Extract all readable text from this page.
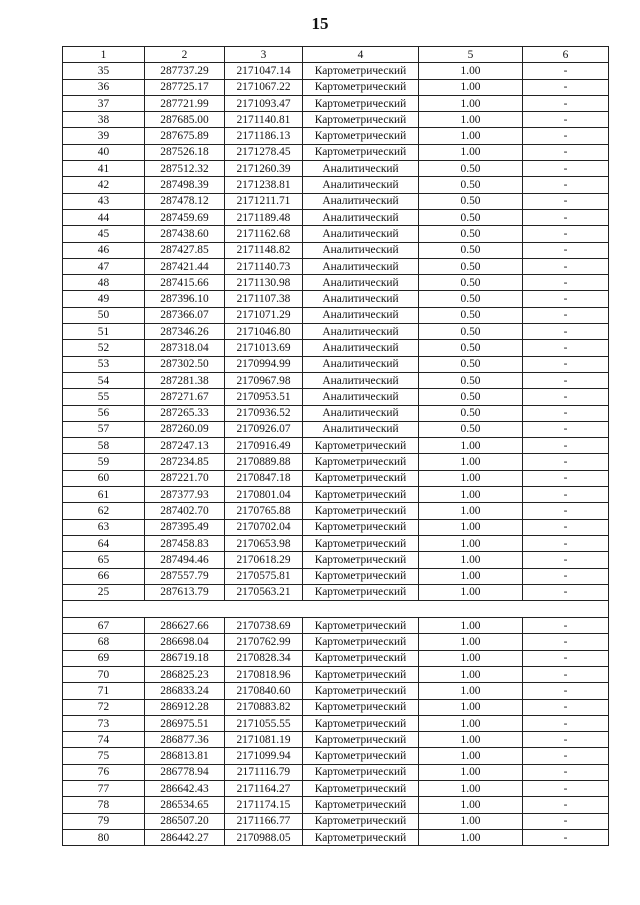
15
1	2	3	4	5	6
35	287737.29	2171047.14	Картометрический	1.00	-
36	287725.17	2171067.22	Картометрический	1.00	-
37	287721.99	2171093.47	Картометрический	1.00	-
38	287685.00	2171140.81	Картометрический	1.00	-
39	287675.89	2171186.13	Картометрический	1.00	-
40	287526.18	2171278.45	Картометрический	1.00	-
41	287512.32	2171260.39	Аналитический	0.50	-
42	287498.39	2171238.81	Аналитический	0.50	-
43	287478.12	2171211.71	Аналитический	0.50	-
44	287459.69	2171189.48	Аналитический	0.50	-
45	287438.60	2171162.68	Аналитический	0.50	-
46	287427.85	2171148.82	Аналитический	0.50	-
47	287421.44	2171140.73	Аналитический	0.50	-
48	287415.66	2171130.98	Аналитический	0.50	-
49	287396.10	2171107.38	Аналитический	0.50	-
50	287366.07	2171071.29	Аналитический	0.50	-
51	287346.26	2171046.80	Аналитический	0.50	-
52	287318.04	2171013.69	Аналитический	0.50	-
53	287302.50	2170994.99	Аналитический	0.50	-
54	287281.38	2170967.98	Аналитический	0.50	-
55	287271.67	2170953.51	Аналитический	0.50	-
56	287265.33	2170936.52	Аналитический	0.50	-
57	287260.09	2170926.07	Аналитический	0.50	-
58	287247.13	2170916.49	Картометрический	1.00	-
59	287234.85	2170889.88	Картометрический	1.00	-
60	287221.70	2170847.18	Картометрический	1.00	-
61	287377.93	2170801.04	Картометрический	1.00	-
62	287402.70	2170765.88	Картометрический	1.00	-
63	287395.49	2170702.04	Картометрический	1.00	-
64	287458.83	2170653.98	Картометрический	1.00	-
65	287494.46	2170618.29	Картометрический	1.00	-
66	287557.79	2170575.81	Картометрический	1.00	-
25	287613.79	2170563.21	Картометрический	1.00	-

67	286627.66	2170738.69	Картометрический	1.00	-
68	286698.04	2170762.99	Картометрический	1.00	-
69	286719.18	2170828.34	Картометрический	1.00	-
70	286825.23	2170818.96	Картометрический	1.00	-
71	286833.24	2170840.60	Картометрический	1.00	-
72	286912.28	2170883.82	Картометрический	1.00	-
73	286975.51	2171055.55	Картометрический	1.00	-
74	286877.36	2171081.19	Картометрический	1.00	-
75	286813.81	2171099.94	Картометрический	1.00	-
76	286778.94	2171116.79	Картометрический	1.00	-
77	286642.43	2171164.27	Картометрический	1.00	-
78	286534.65	2171174.15	Картометрический	1.00	-
79	286507.20	2171166.77	Картометрический	1.00	-
80	286442.27	2170988.05	Картометрический	1.00	-
